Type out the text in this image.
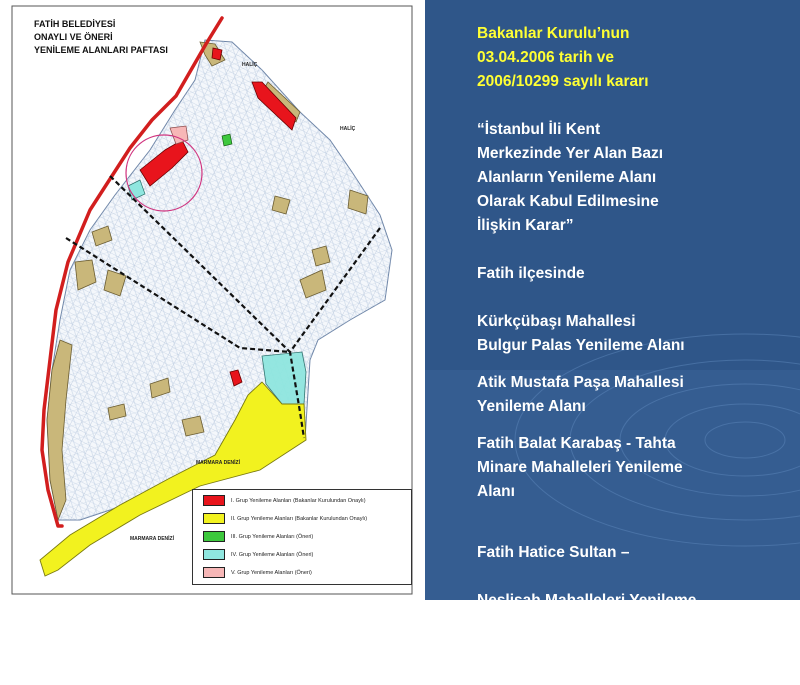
FATİH BELEDİYESİ
ONAYLI VE ÖNERİ
YENİLEME ALANLARI PAFTASI
HALİÇ
HALİÇ
MARMARA DENİZİ
MARMARA DENİZİ
I. Grup Yenileme Alanları (Bakanlar Kurulundan Onaylı)
II. Grup Yenileme Alanları (Bakanlar Kurulundan Onaylı)
III. Grup Yenileme Alanları (Öneri)
IV. Grup Yenileme Alanları (Öneri)
V. Grup Yenileme Alanları (Öneri)
Bakanlar Kurulu’nun
03.04.2006 tarih ve
2006/10299 sayılı kararı
“İstanbul İli Kent
Merkezinde Yer Alan Bazı
Alanların Yenileme Alanı
Olarak Kabul Edilmesine
İlişkin Karar”
Fatih ilçesinde
Kürkçübaşı Mahallesi
Bulgur Palas Yenileme Alanı
Atik Mustafa Paşa Mahallesi
Yenileme Alanı
Fatih Balat Karabaş - Tahta
Minare Mahalleleri Yenileme
Alanı

Fatih Hatice Sultan –

Neslişah Mahalleleri Yenileme

Alanı
